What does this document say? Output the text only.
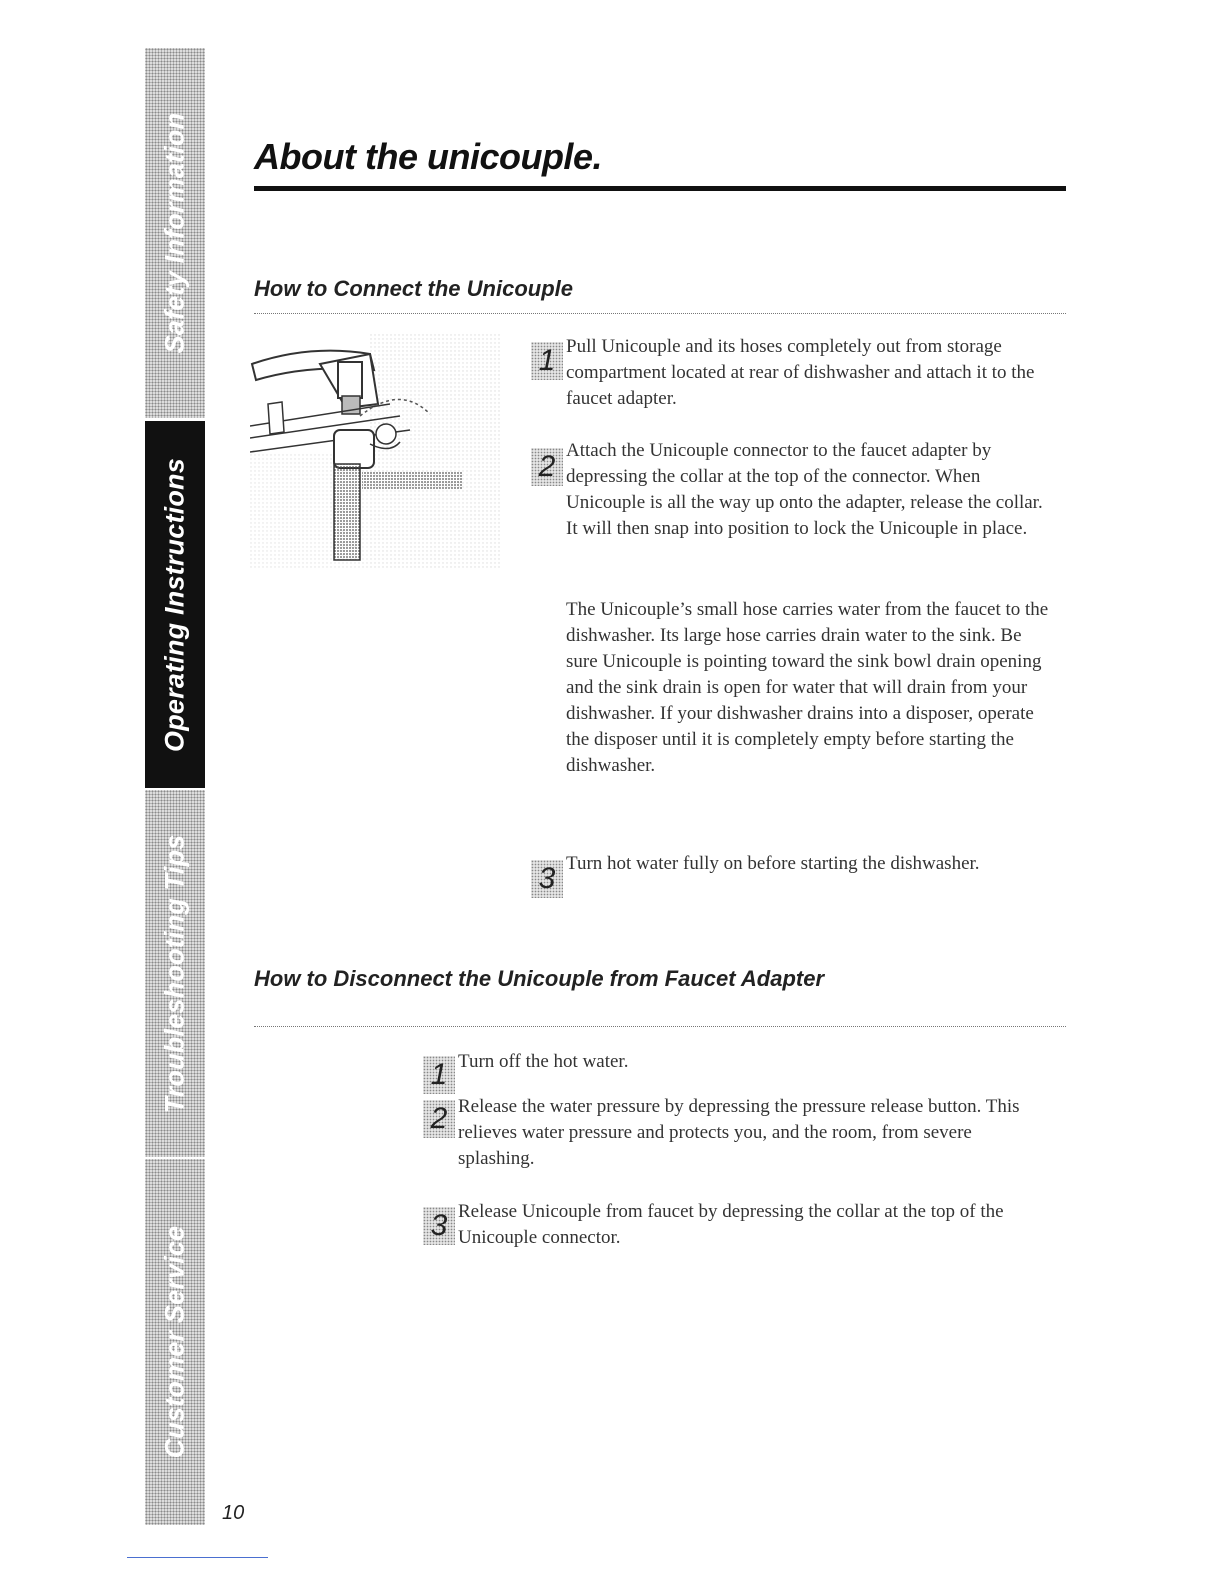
Safety Information
Operating Instructions
Troubleshooting Tips
Customer Service
About the unicouple.
How to Connect the Unicouple
1 Pull Unicouple and its hoses completely out from storage compartment located at rear of dishwasher and attach it to the faucet adapter.

2 Attach the Unicouple connector to the faucet adapter by depressing the collar at the top of the connector. When Unicouple is all the way up onto the adapter, release the collar. It will then snap into position to lock the Unicouple in place.

The Unicouple’s small hose carries water from the faucet to the dishwasher. Its large hose carries drain water to the sink. Be sure Unicouple is pointing toward the sink bowl drain opening and the sink drain is open for water that will drain from your dishwasher. If your dishwasher drains into a disposer, operate the disposer until it is completely empty before starting the dishwasher.

3 Turn hot water fully on before starting the dishwasher.

How to Disconnect the Unicouple from Faucet Adapter
1 Turn off the hot water.

2 Release the water pressure by depressing the pressure release button. This relieves water pressure and protects you, and the room, from severe splashing.

3 Release Unicouple from faucet by depressing the collar at the top of the Unicouple connector.

10
